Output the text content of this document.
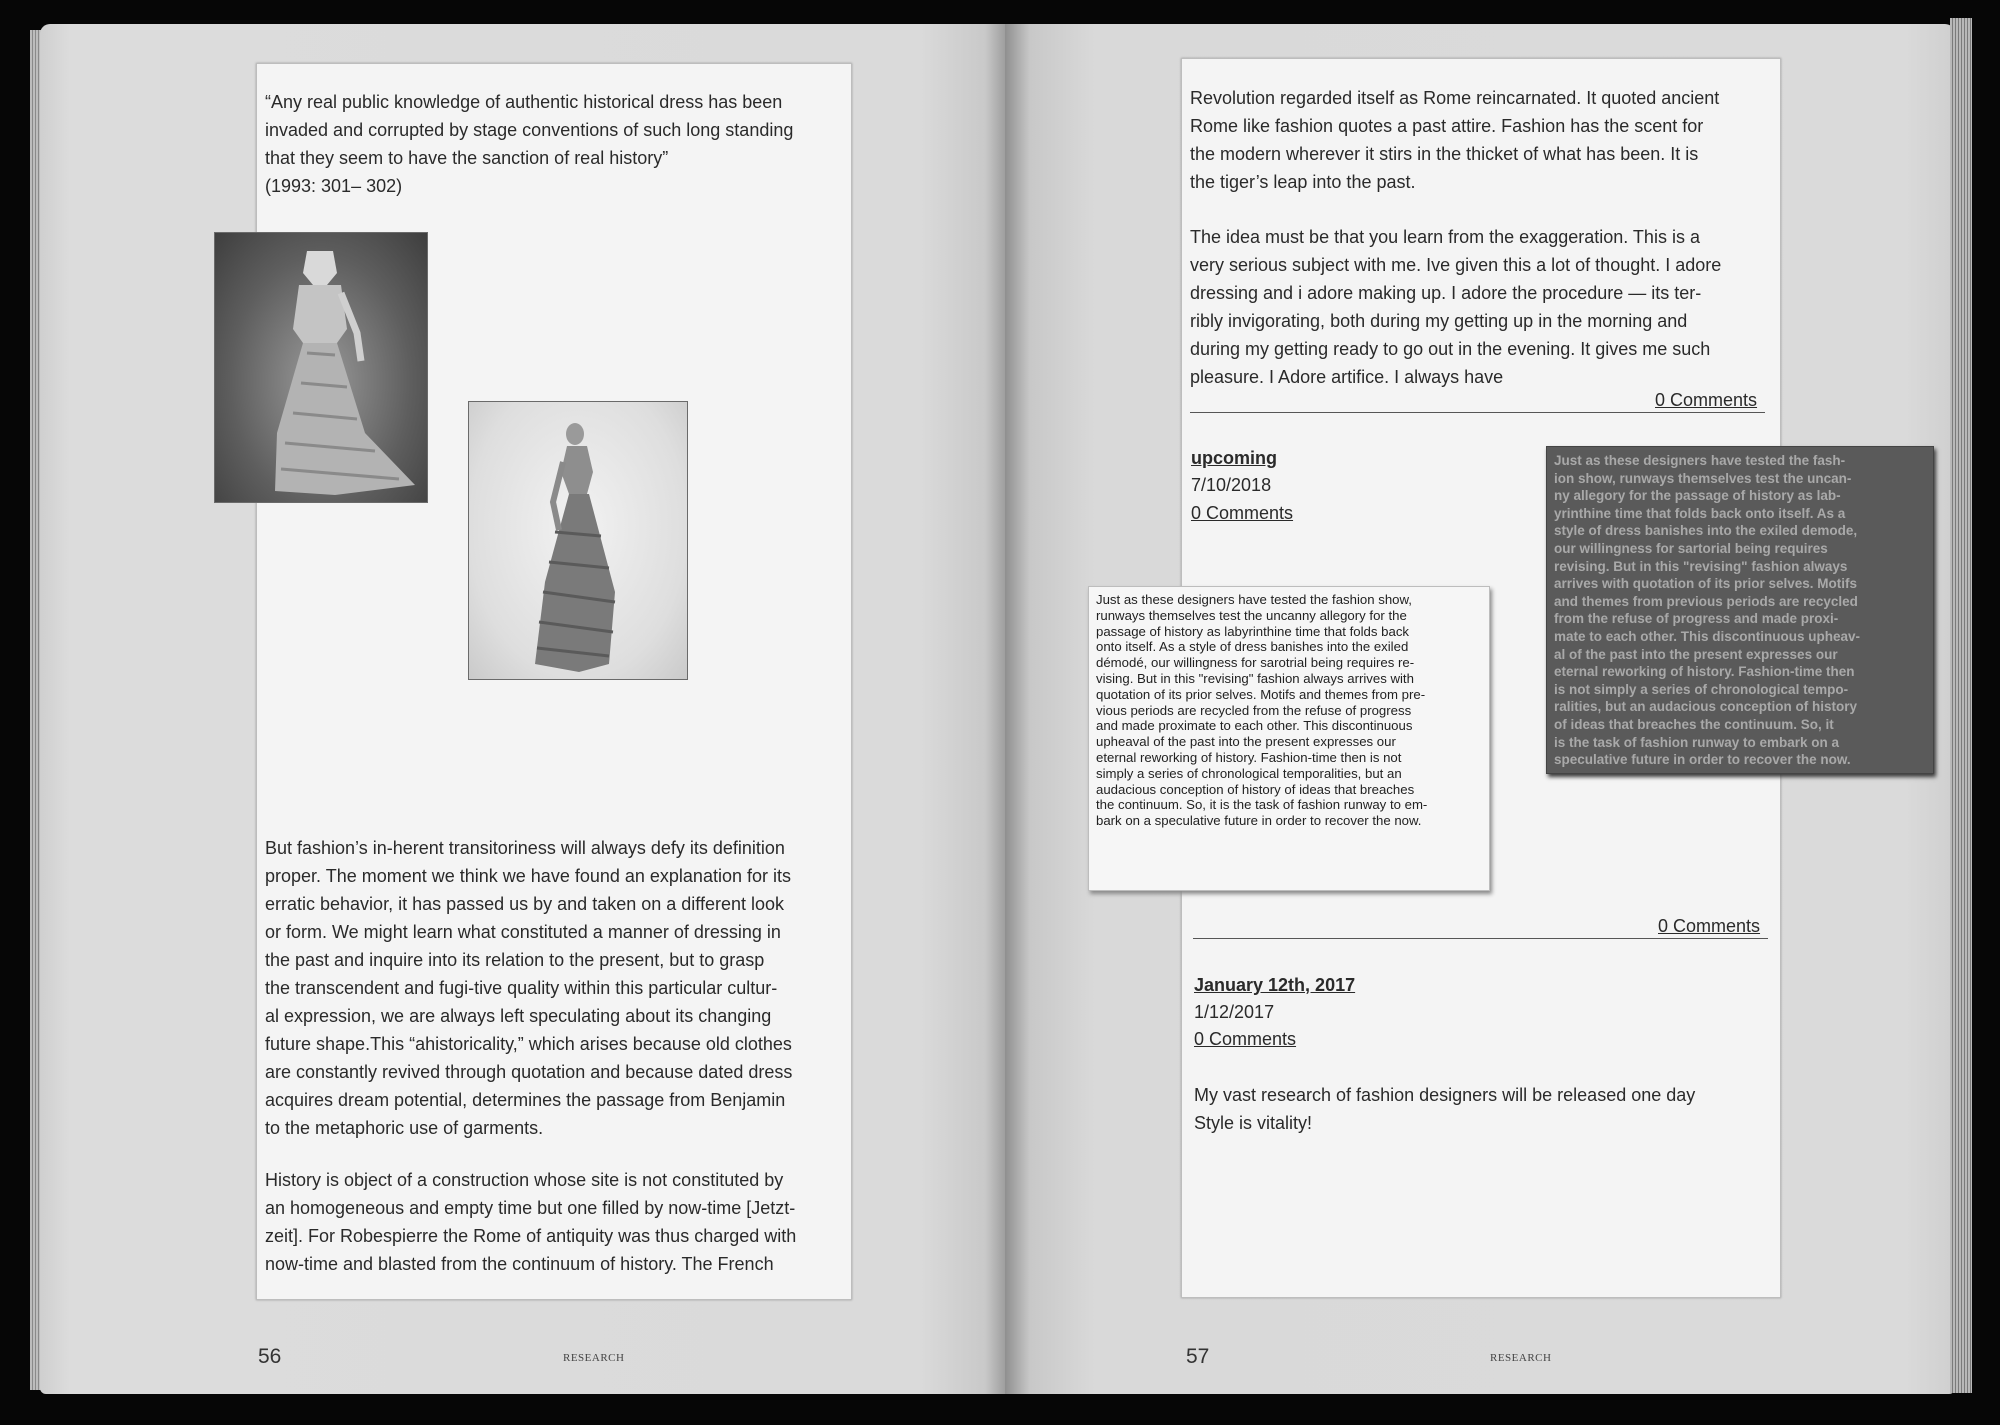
“Any real public knowledge of authentic historical dress has been
invaded and corrupted by stage conventions of such long standing
that they seem to have the sanction of real history”
(1993: 301– 302)

But fashion’s in-herent transitoriness will always defy its definition
proper. The moment we think we have found an explanation for its
erratic behavior, it has passed us by and taken on a different look
or form. We might learn what constituted a manner of dressing in
the past and inquire into its relation to the present, but to grasp
the transcendent and fugi-tive quality within this particular cultur-
al expression, we are always left speculating about its changing
future shape.This “ahistoricality,” which arises because old clothes
are constantly revived through quotation and because dated dress
acquires dream potential, determines the passage from Benjamin
to the metaphoric use of garments.

History is object of a construction whose site is not constituted by
an homogeneous and empty time but one filled by now-time [Jetzt-
zeit]. For Robespierre the Rome of antiquity was thus charged with
now-time and blasted from the continuum of history. The French

56	RESEARCH

Revolution regarded itself as Rome reincarnated. It quoted ancient
Rome like fashion quotes a past attire. Fashion has the scent for
the modern wherever it stirs in the thicket of what has been. It is
the tiger’s leap into the past.

The idea must be that you learn from the exaggeration. This is a
very serious subject with me. Ive given this a lot of thought. I adore
dressing and i adore making up. I adore the procedure — its ter-
ribly invigorating, both during my getting up in the morning and
during my getting ready to go out in the evening. It gives me such
pleasure. I Adore artifice. I always have

0 Comments
upcoming
7/10/2018
0 Comments
0 Comments
January 12th, 2017
1/12/2017
0 Comments

My vast research of fashion designers will be released one day
Style is vitality!

Just as these designers have tested the fashion show,
runways themselves test the uncanny allegory for the
passage of history as labyrinthine time that folds back
onto itself. As a style of dress banishes into the exiled
démodé, our willingness for sarotrial being requires re-
vising. But in this "revising" fashion always arrives with
quotation of its prior selves. Motifs and themes from pre-
vious periods are recycled from the refuse of progress
and made proximate to each other. This discontinuous
upheaval of the past into the present expresses our
eternal reworking of history. Fashion-time then is not
simply a series of chronological temporalities, but an
audacious conception of history of ideas that breaches
the continuum. So, it is the task of fashion runway to em-
bark on a speculative future in order to recover the now.

Just as these designers have tested the fash-
ion show, runways themselves test the uncan-
ny allegory for the passage of history as lab-
yrinthine time that folds back onto itself. As a
style of dress banishes into the exiled demode,
our willingness for sartorial being requires
revising. But in this "revising" fashion always
arrives with quotation of its prior selves. Motifs
and themes from previous periods are recycled
from the refuse of progress and made proxi-
mate to each other. This discontinuous upheav-
al of the past into the present expresses our
eternal reworking of history. Fashion-time then
is not simply a series of chronological tempo-
ralities, but an audacious conception of history
of ideas that breaches the continuum. So, it
is the task of fashion runway to embark on a
speculative future in order to recover the now.

57	RESEARCH
